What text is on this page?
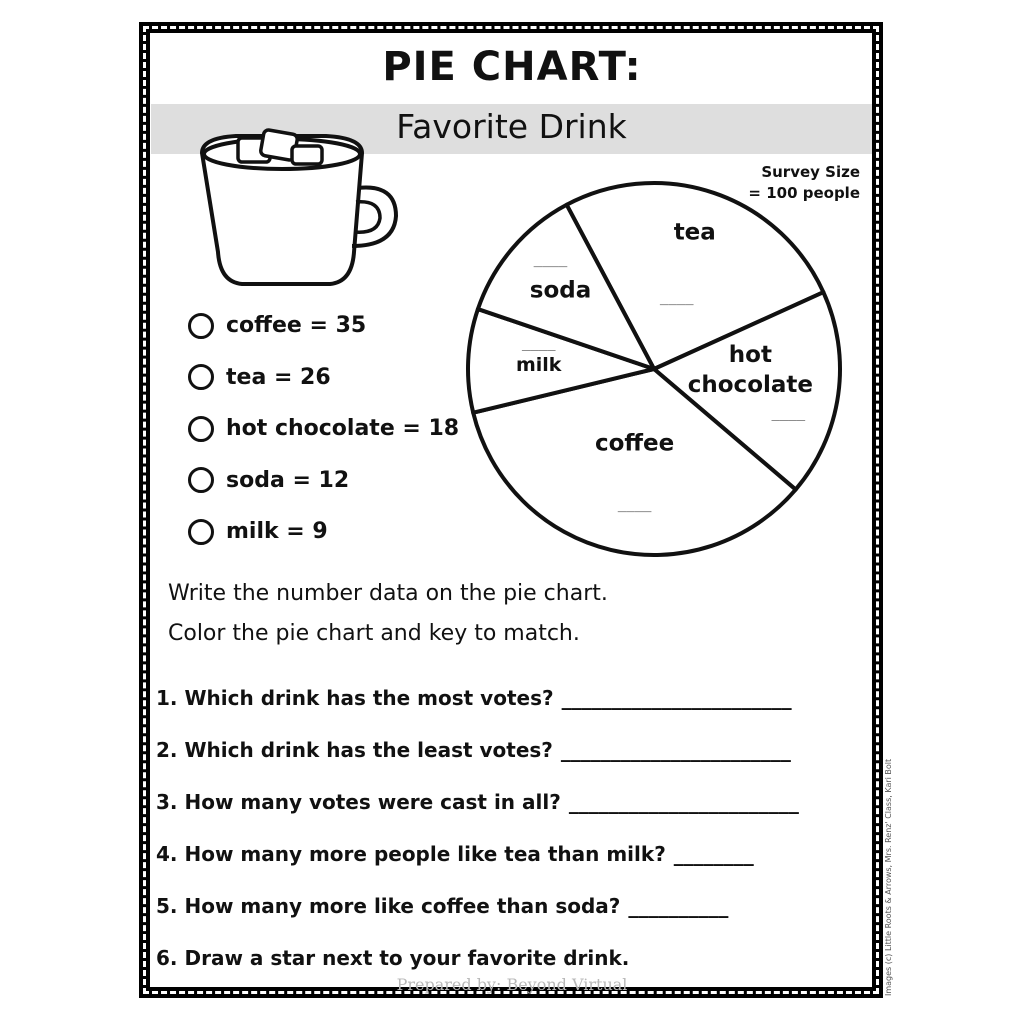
PIE CHART:
Favorite Drink
coffee = 35
tea = 26
hot chocolate = 18
soda = 12
milk = 9
Survey Size
= 100 people
tea
____
hot
chocolate
____
coffee
____
milk
____
soda
____
Write the number data on the pie chart.
Color the pie chart and key to match.
1. Which drink has the most votes? _______________________
2. Which drink has the least votes? _______________________
3. How many votes were cast in all? _______________________
4. How many more people like tea than milk? ________
5. How many more like coffee than soda? __________
6. Draw a star next to your favorite drink.
Prepared by: Beyond Virtual	Images (c) Little Roots & Arrows, Mrs. Renz' Class, Kari Bolt
